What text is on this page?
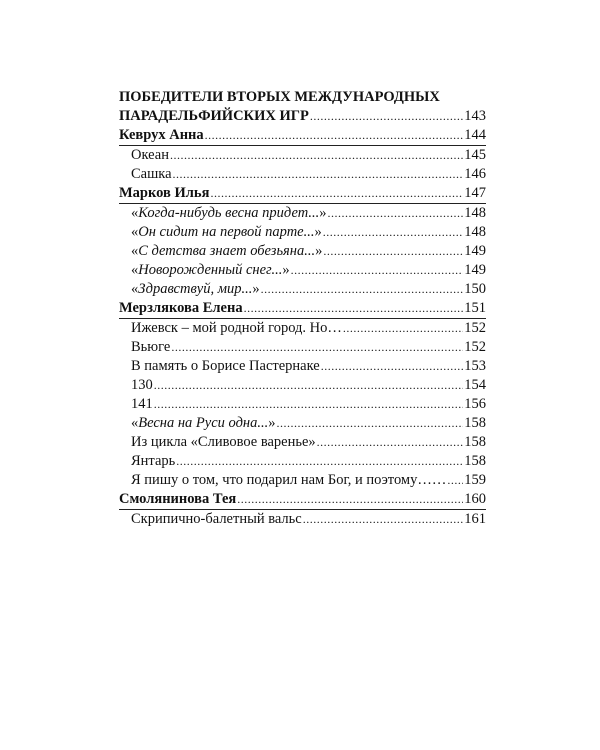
ПОБЕДИТЕЛИ ВТОРЫХ МЕЖДУНАРОДНЫХ
ПАРАДЕЛЬФИЙСКИХ ИГР .....	143
Кеврух Анна .....	144
Океан .....	145
Сашка .....	146
Марков Илья .....	147
«Когда-нибудь весна придет...» .....	148
«Он сидит на первой парте...» .....	148
«С детства знает обезьяна...» .....	149
«Новорожденный снег...» .....	149
«Здравствуй, мир...» .....	150
Мерзлякова Елена .....	151
Ижевск – мой родной город. Но… .....	152
Вьюге .....	152
В память о Борисе Пастернаке .....	153
130 .....	154
141 .....	156
«Весна на Руси одна...» .....	158
Из цикла «Сливовое варенье» .....	158
Янтарь .....	158
Я пишу о том, что подарил нам Бог, и поэтому…… ..... 159
Смолянинова Тея .....	160
Скрипично-балетный вальс .....	161
